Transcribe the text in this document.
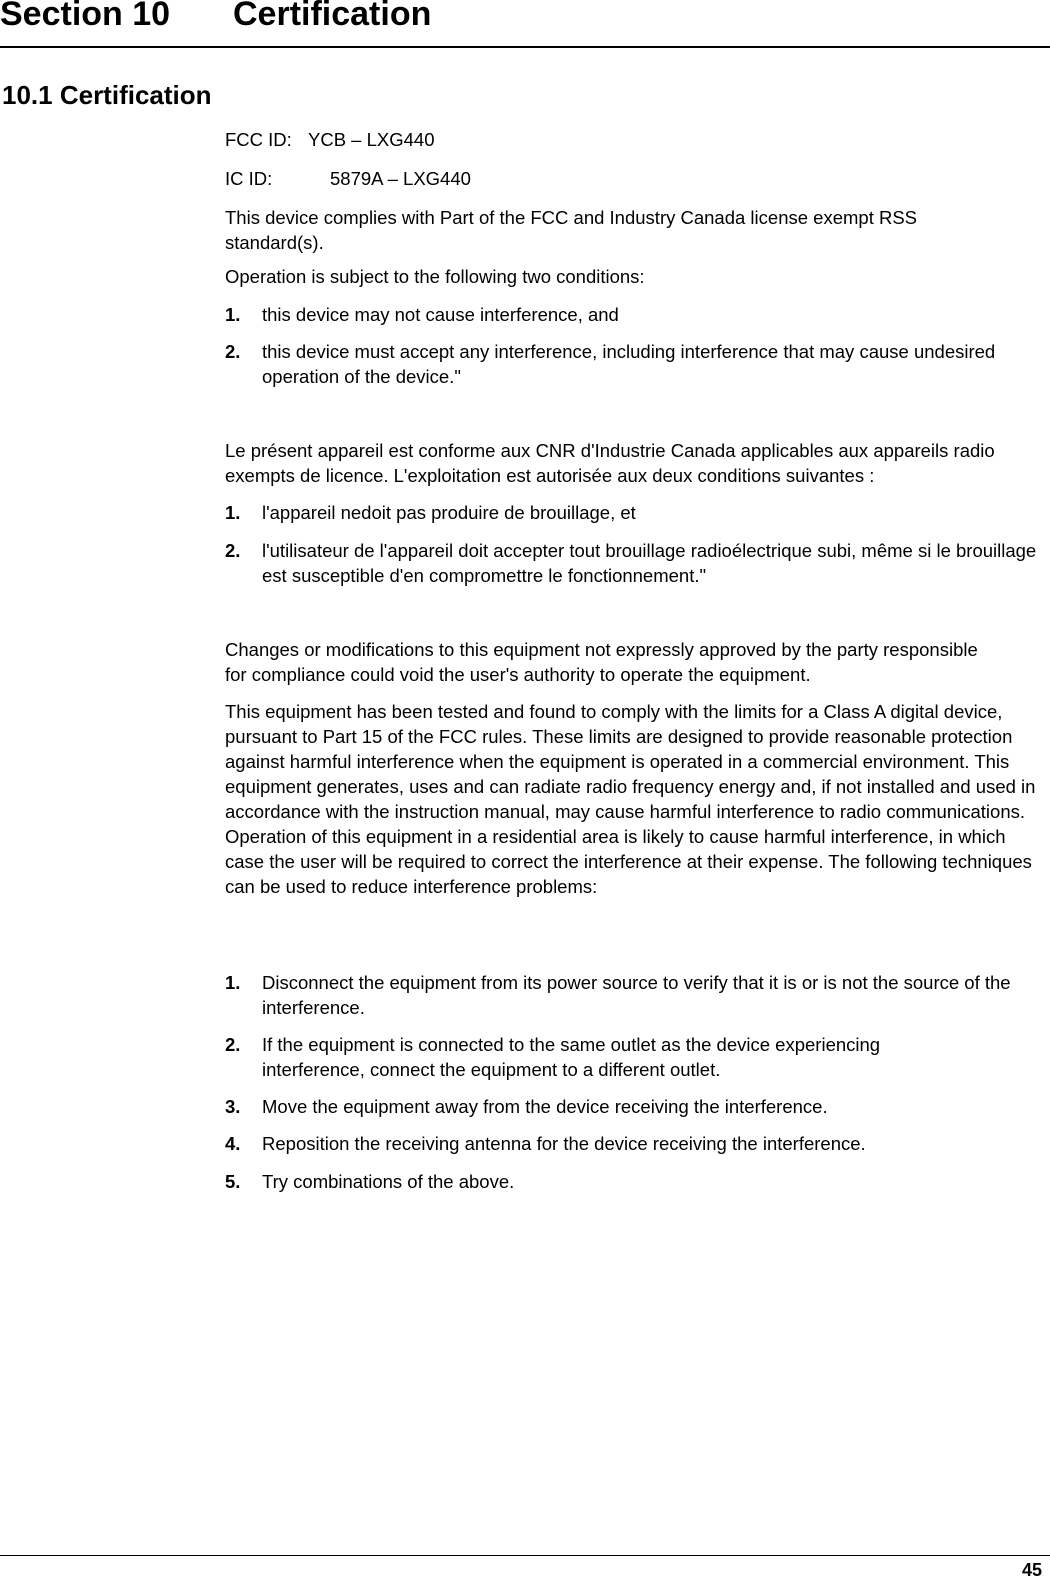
Section 10 Certification
10.1 Certification
FCC ID: YCB – LXG440
IC ID:	5879A – LXG440

This device complies with Part of the FCC and Industry Canada license exempt RSS standard(s).

Operation is subject to the following two conditions:

1. this device may not cause interference, and
2. this device must accept any interference, including interference that may cause undesired operation of the device."

Le présent appareil est conforme aux CNR d'Industrie Canada applicables aux appareils radio exempts de licence. L'exploitation est autorisée aux deux conditions suivantes :

1. l'appareil nedoit pas produire de brouillage, et
2. l'utilisateur de l'appareil doit accepter tout brouillage radioélectrique subi, même si le brouillage est susceptible d'en compromettre le fonctionnement."

Changes or modifications to this equipment not expressly approved by the party responsible for compliance could void the user's authority to operate the equipment.

This equipment has been tested and found to comply with the limits for a Class A digital device, pursuant to Part 15 of the FCC rules. These limits are designed to provide reasonable protection against harmful interference when the equipment is operated in a commercial environment. This equipment generates, uses and can radiate radio frequency energy and, if not installed and used in accordance with the instruction manual, may cause harmful interference to radio communications. Operation of this equipment in a residential area is likely to cause harmful interference, in which case the user will be required to correct the interference at their expense. The following techniques can be used to reduce interference problems:

1. Disconnect the equipment from its power source to verify that it is or is not the source of the interference.
2. If the equipment is connected to the same outlet as the device experiencing interference, connect the equipment to a different outlet.
3. Move the equipment away from the device receiving the interference.
4. Reposition the receiving antenna for the device receiving the interference.
5. Try combinations of the above.
45
